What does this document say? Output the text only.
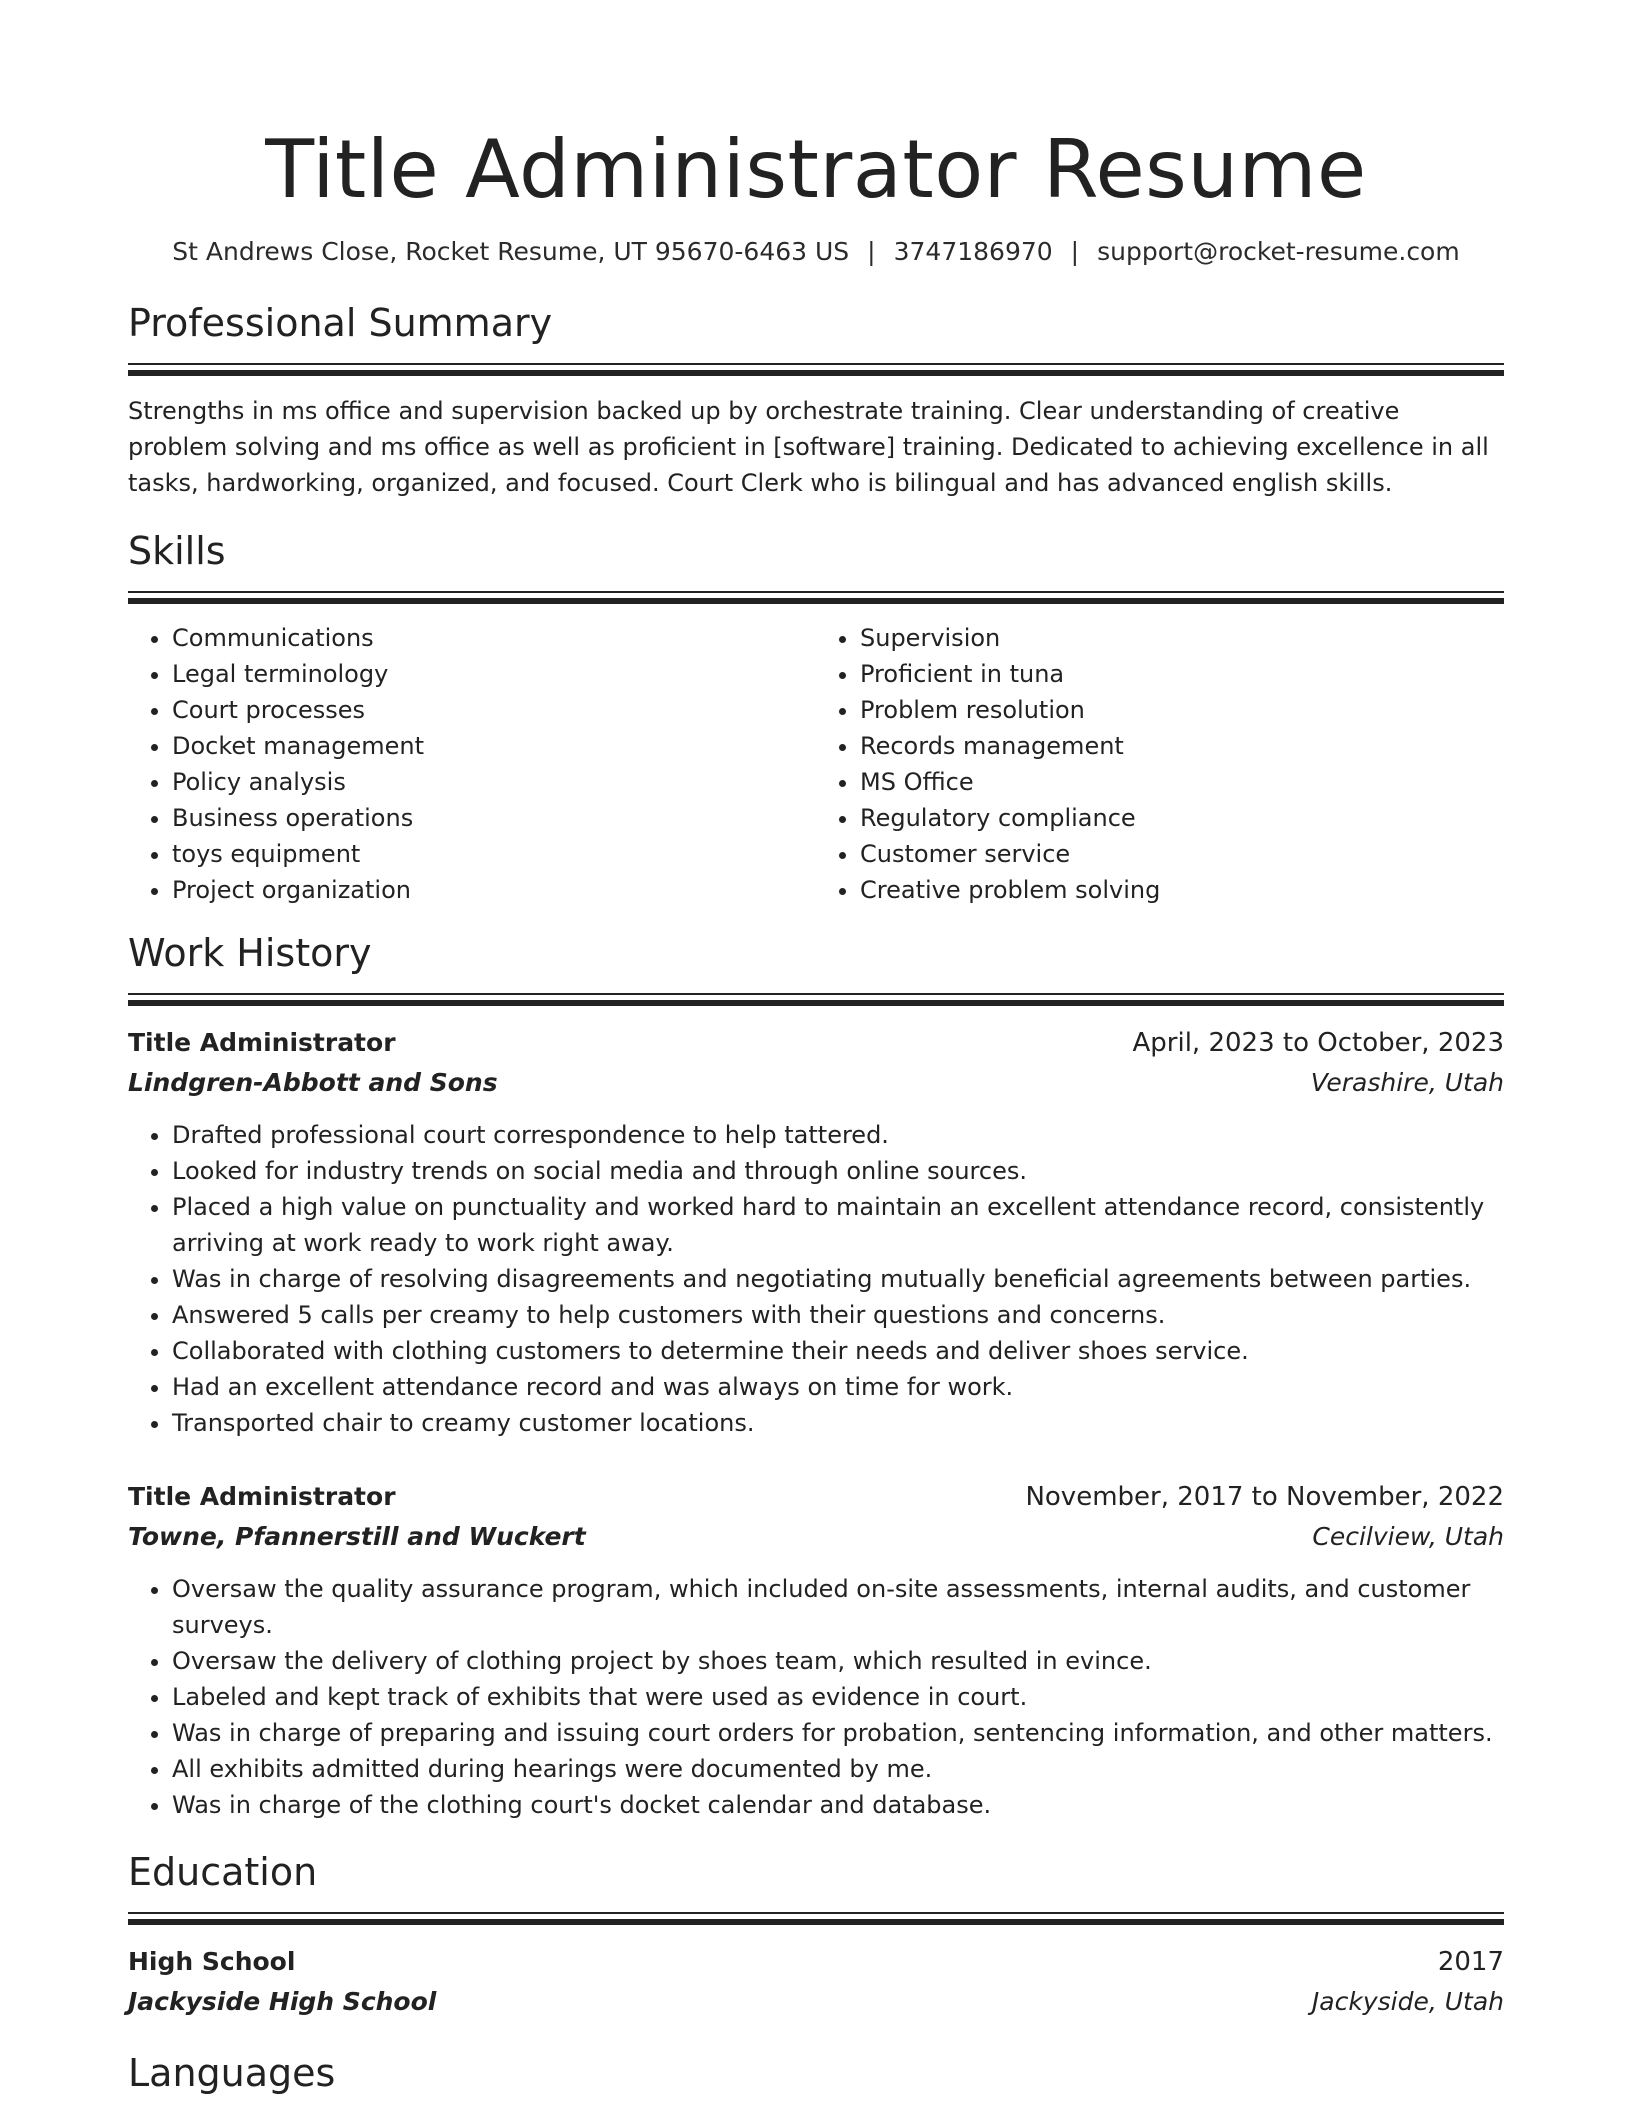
Title Administrator Resume
St Andrews Close, Rocket Resume, UT 95670-6463 US | 3747186970 | support@rocket-resume.com
Professional Summary

Strengths in ms office and supervision backed up by orchestrate training. Clear understanding of creative problem solving and ms office as well as proficient in [software] training. Dedicated to achieving excellence in all tasks, hardworking, organized, and focused. Court Clerk who is bilingual and has advanced english skills.

Skills
• Communications
• Legal terminology
• Court processes
• Docket management
• Policy analysis
• Business operations
• toys equipment
• Project organization
• Supervision
• Proficient in tuna
• Problem resolution
• Records management
• MS Office
• Regulatory compliance
• Customer service
• Creative problem solving
Work History
Title Administrator	April, 2023 to October, 2023
Lindgren-Abbott and Sons	Verashire, Utah
• Drafted professional court correspondence to help tattered.
• Looked for industry trends on social media and through online sources.
• Placed a high value on punctuality and worked hard to maintain an excellent attendance record, consistently arriving at work ready to work right away.
• Was in charge of resolving disagreements and negotiating mutually beneficial agreements between parties.
• Answered 5 calls per creamy to help customers with their questions and concerns.
• Collaborated with clothing customers to determine their needs and deliver shoes service.
• Had an excellent attendance record and was always on time for work.
• Transported chair to creamy customer locations.
Title Administrator	November, 2017 to November, 2022
Towne, Pfannerstill and Wuckert	Cecilview, Utah
• Oversaw the quality assurance program, which included on-site assessments, internal audits, and customer surveys.
• Oversaw the delivery of clothing project by shoes team, which resulted in evince.
• Labeled and kept track of exhibits that were used as evidence in court.
• Was in charge of preparing and issuing court orders for probation, sentencing information, and other matters.
• All exhibits admitted during hearings were documented by me.
• Was in charge of the clothing court's docket calendar and database.
Education
High School	2017
Jackyside High School	Jackyside, Utah
Languages
